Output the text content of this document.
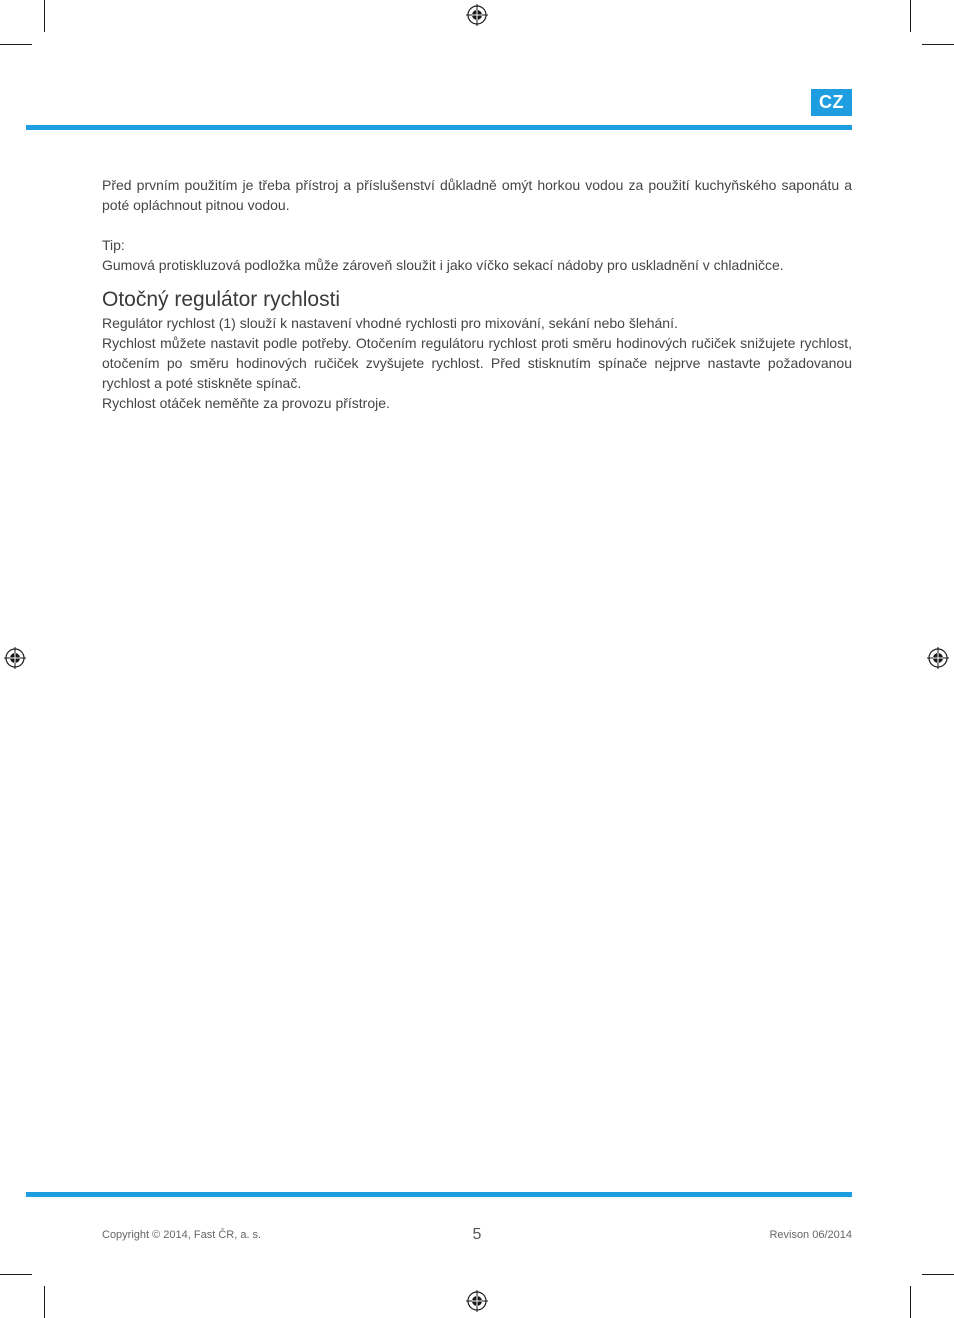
CZ

Před prvním použitím je třeba přístroj a příslušenství důkladně omýt horkou vodou za použití kuchyňského saponátu a poté opláchnout pitnou vodou.

Tip:

Gumová protiskluzová podložka může zároveň sloužit i jako víčko sekací nádoby pro uskladnění v chladničce.

Otočný regulátor rychlosti

Regulátor rychlost (1) slouží k nastavení vhodné rychlosti pro mixování, sekání nebo šlehání.

Rychlost můžete nastavit podle potřeby. Otočením regulátoru rychlost proti směru hodinových ručiček snižujete rychlost, otočením po směru hodinových ručiček zvyšujete rychlost. Před stisknutím spínače nejprve nastavte požadovanou rychlost a poté stiskněte spínač.

Rychlost otáček neměňte za provozu přístroje.

Copyright © 2014, Fast ČR, a. s.	5	Revison 06/2014
